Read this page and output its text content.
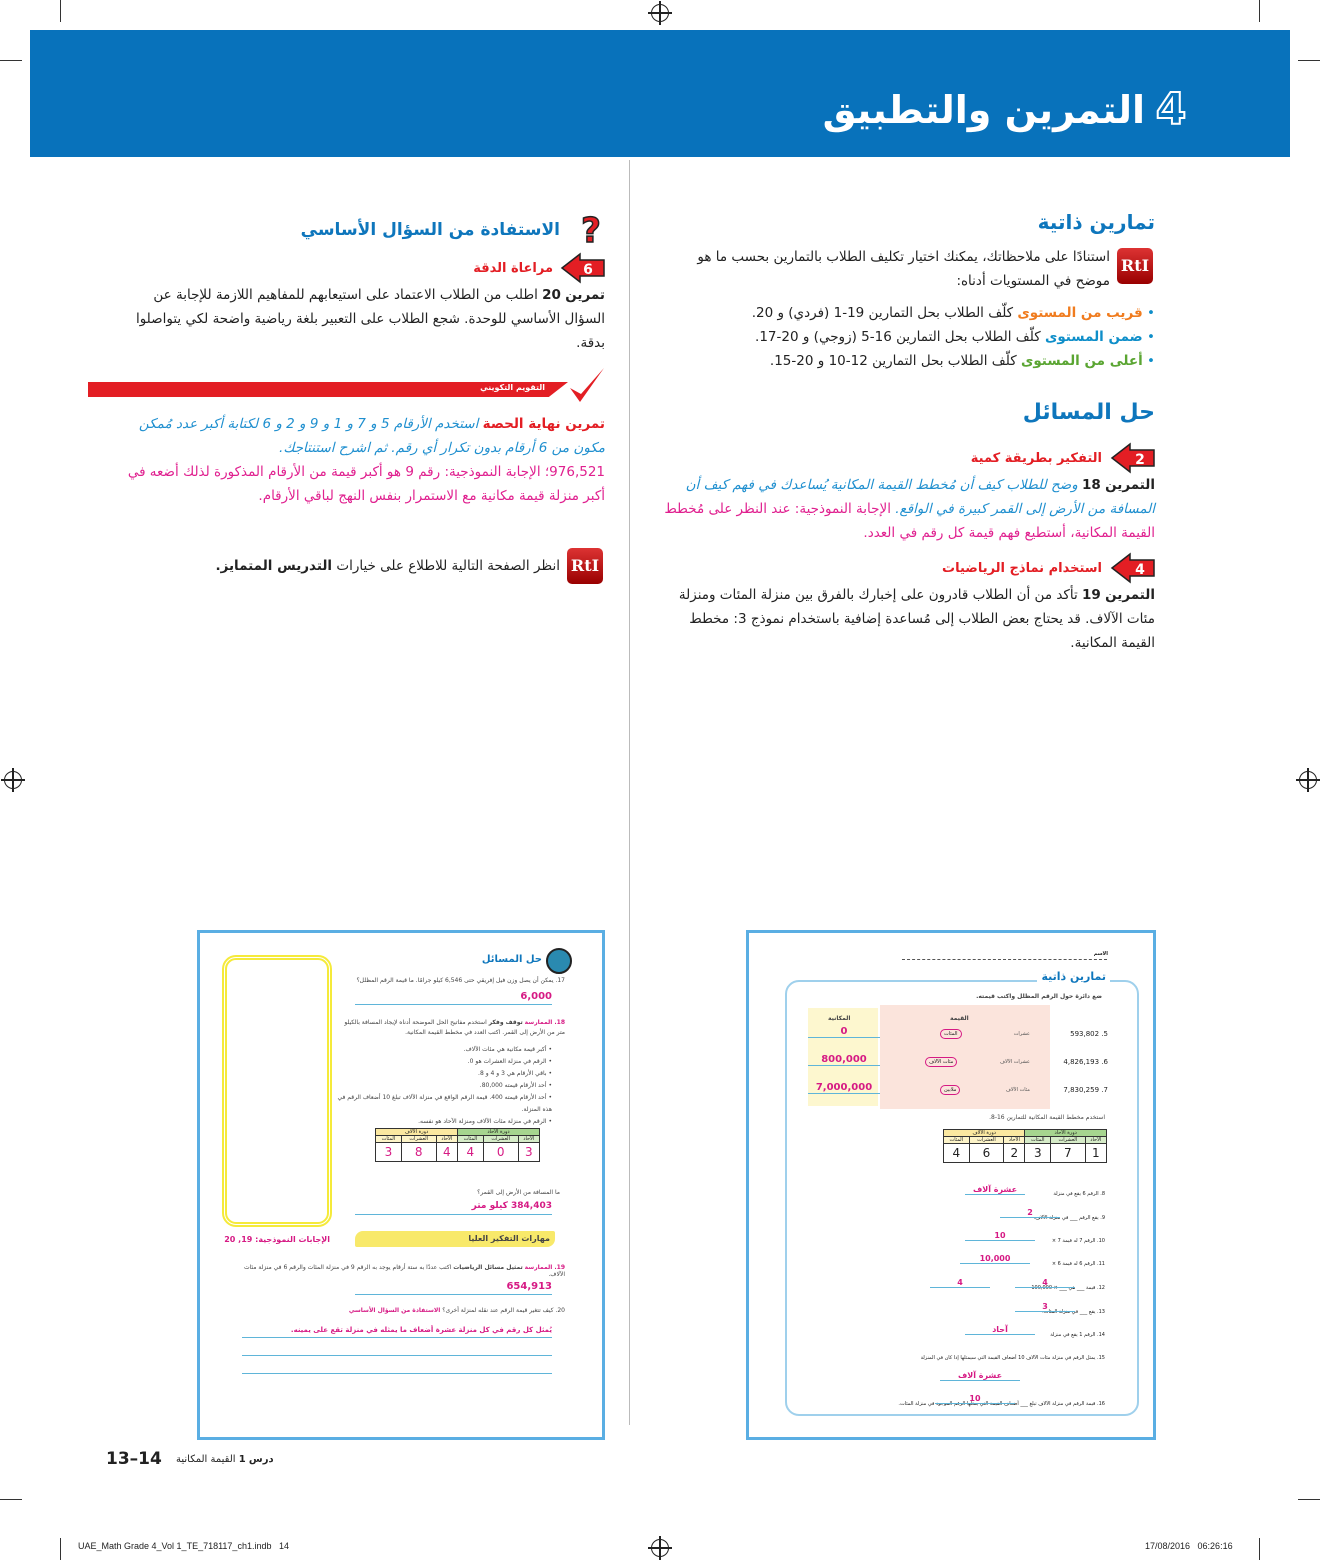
4
التمرين والتطبيق
تمارين ذاتية
RtI
استنادًا على ملاحظاتك، يمكنك اختيار تكليف الطلاب بالتمارين بحسب ما هو موضح في المستويات أدناه:
• قريب من المستوى كلّف الطلاب بحل التمارين 19-1 (فردي) و 20.
• ضمن المستوى كلّف الطلاب بحل التمارين 16-5 (زوجي) و 20-17.
• أعلى من المستوى كلّف الطلاب بحل التمارين 12-10 و 20-15.
حل المسائل
2
التفكير بطريقة كمية
التمرين 18 وضح للطلاب كيف أن مُخطط القيمة المكانية يُساعدك في فهم كيف أن المسافة من الأرض إلى القمر كبيرة في الواقع. الإجابة النموذجية: عند النظر على مُخطط القيمة المكانية، أستطيع فهم قيمة كل رقم في العدد.
4
استخدام نماذج الرياضيات
التمرين 19 تأكد من أن الطلاب قادرون على إخبارك بالفرق بين منزلة المئات ومنزلة مئات الآلاف. قد يحتاج بعض الطلاب إلى مُساعدة إضافية باستخدام نموذج 3: مخطط القيمة المكانية.
?
الاستفادة من السؤال الأساسي
6
مراعاة الدقة
تمرين 20 اطلب من الطلاب الاعتماد على استيعابهم للمفاهيم اللازمة للإجابة عن السؤال الأساسي للوحدة. شجع الطلاب على التعبير بلغة رياضية واضحة لكي يتواصلوا بدقة.
التقويم التكويني
تمرين نهاية الحصة استخدم الأرقام 5 و 7 و 1 و 9 و 2 و 6 لكتابة أكبر عدد مُمكن مكون من 6 أرقام بدون تكرار أي رقم. ثم اشرح استنتاجك.
976,521؛ الإجابة النموذجية: رقم 9 هو أكبر قيمة من الأرقام المذكورة لذلك أضعه في أكبر منزلة قيمة مكانية مع الاستمرار بنفس النهج لباقي الأرقام.
RtI
انظر الصفحة التالية للاطلاع على خيارات التدريس المتمايز.
حل المسائل
17. يمكن أن يصل وزن فيل إفريقي حتى 6,546 كيلو جرامًا. ما قيمة الرقم المظلل؟
6,000
18. الممارسة توقف وفكر استخدم مفاتيح الحل الموضحة أدناه لإيجاد المسافة بالكيلو متر من الأرض إلى القمر. اكتب العدد في مخطط القيمة المكانية.
• أكبر قيمة مكانية هي مئات الآلاف.
• الرقم في منزلة العشرات هو 0.
• باقي الأرقام هي 3 و 4 و 8.
• أحد الأرقام قيمته 80,000.
• أحد الأرقام قيمته 400. قيمة الرقم الواقع في منزلة الآلاف تبلغ 10 أضعاف الرقم في هذه المنزلة.
• الرقم في منزلة مئات الآلاف ومنزلة الآحاد هو نفسه.
دورة الآلاف			دورة الآحاد		
المئات	العشرات	الآحاد	المئات	العشرات	الآحاد
3	8	4	4	0	3
ما المسافة من الأرض إلى القمر؟
384,403 كيلو متر
مهارات التفكير العليا
الإجابات النموذجية: 19, 20
19. الممارسة تمثيل مسائل الرياضيات اكتب عددًا به ستة أرقام يوجد به الرقم 9 في منزلة المئات والرقم 6 في منزلة مئات الآلاف.
654,913
20. كيف تتغير قيمة الرقم عند نقله لمنزلة أخرى؟ الاستفادة من السؤال الأساسي
يُمثل كل رقم في كل منزلة عشرة أضعاف ما يمثله في منزلة تقع على يمينه.
الاسم
تمارين ذاتية
ضع دائرة حول الرقم المظلل واكتب قيمته.
المكانية	القيمة
5. 593,802
عشرات
المئات
0
6. 4,826,193
عشرات الآلاف
مئات الآلاف
800,000
7. 7,830,259
مئات الآلاف
ملايين
7,000,000
استخدم مخطط القيمة المكانية للتمارين 16-8.
دورة الآلاف			دورة الآحاد		
المئات	العشرات	الآحاد	المئات	العشرات	الآحاد
4	6	2	3	7	1
8. الرقم 6 يقع في منزلة
عشرة آلاف
9. يقع الرقم ___ في منزلة الآلاف.
2
10. الرقم 7 له قيمة 7 ×
10
11. الرقم 6 له قيمة 6 ×
10,000
12. قيمة ___ هي ___ × 100,000
4	4
13. يقع ___ في منزلة المئات.
3
14. الرقم 1 يقع في منزلة
آحاد
15. يمثل الرقم في منزلة مئات الآلاف 10 أضعاف القيمة التي سيمثلها إذا كان في المنزلة
عشرة آلاف
16. قيمة الرقم في منزلة الآلاف تبلغ ___ أضعاف القيمة التي يمثلها الرقم الموجود في منزلة المئات.
10
13–14	درس 1 القيمة المكانية
UAE_Math Grade 4_Vol 1_TE_718117_ch1.indb   14	17/08/2016   06:26:16
